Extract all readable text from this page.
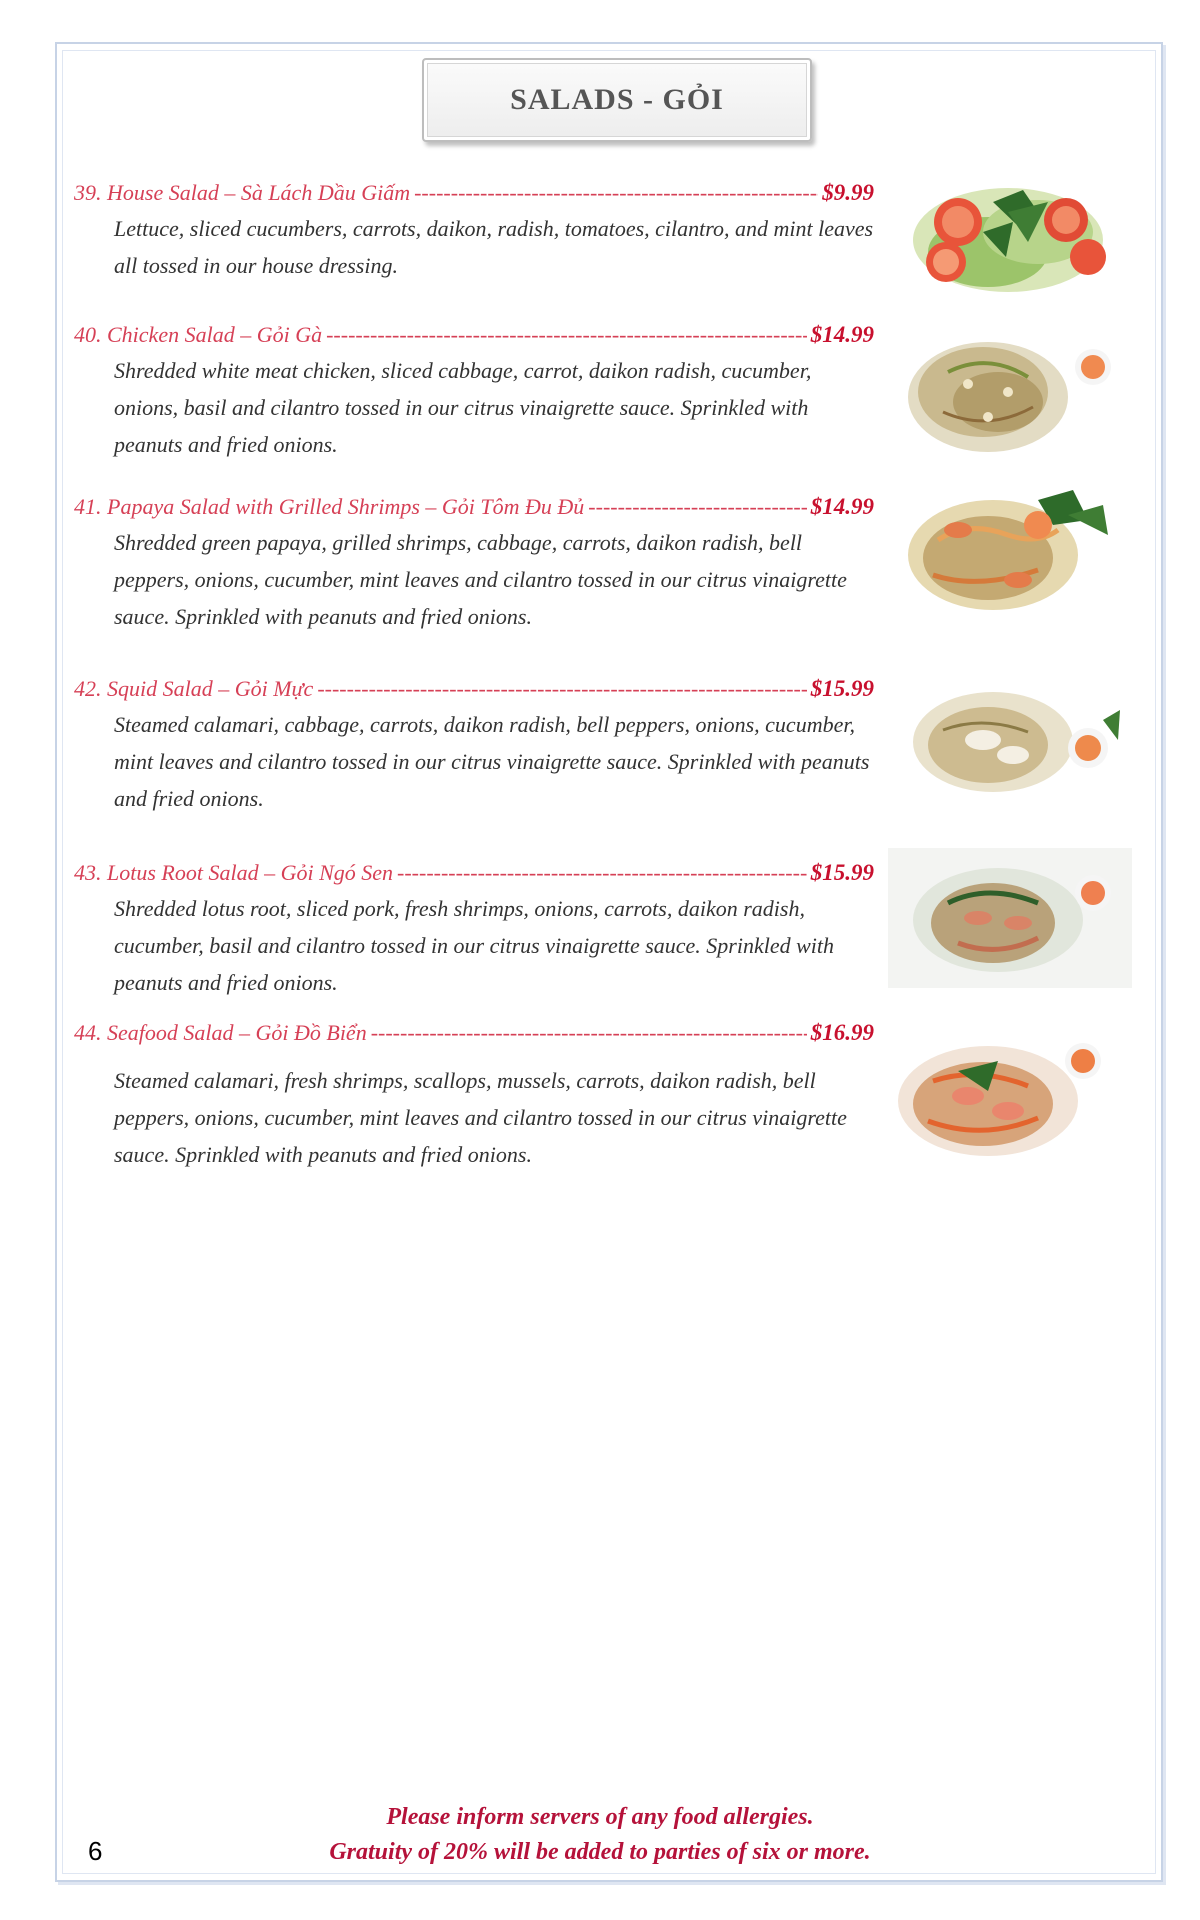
SALADS - GỎI
39. House Salad – Sà Lách Dầu Giấm -----	$9.99
Lettuce, sliced cucumbers, carrots, daikon, radish, tomatoes, cilantro, and mint leaves all tossed in our house dressing.
40. Chicken Salad – Gỏi Gà -----	$14.99
Shredded white meat chicken, sliced cabbage, carrot, daikon radish, cucumber, onions, basil and cilantro tossed in our citrus vinaigrette sauce. Sprinkled with peanuts and fried onions.
41. Papaya Salad with Grilled Shrimps – Gỏi Tôm Đu Đủ -----	$14.99
Shredded green papaya, grilled shrimps, cabbage, carrots, daikon radish, bell peppers, onions, cucumber, mint leaves and cilantro tossed in our citrus vinaigrette sauce. Sprinkled with peanuts and fried onions.
42. Squid Salad – Gỏi Mực -----	$15.99
Steamed calamari, cabbage, carrots, daikon radish, bell peppers, onions, cucumber, mint leaves and cilantro tossed in our citrus vinaigrette sauce. Sprinkled with peanuts and fried onions.
43. Lotus Root Salad – Gỏi Ngó Sen -----	$15.99
Shredded lotus root, sliced pork, fresh shrimps, onions, carrots, daikon radish, cucumber, basil and cilantro tossed in our citrus vinaigrette sauce. Sprinkled with peanuts and fried onions.
44. Seafood Salad – Gỏi Đồ Biển -----	$16.99
Steamed calamari, fresh shrimps, scallops, mussels, carrots, daikon radish, bell peppers, onions, cucumber, mint leaves and cilantro tossed in our citrus vinaigrette sauce. Sprinkled with peanuts and fried onions.
Please inform servers of any food allergies.
Gratuity of 20% will be added to parties of six or more.
6
